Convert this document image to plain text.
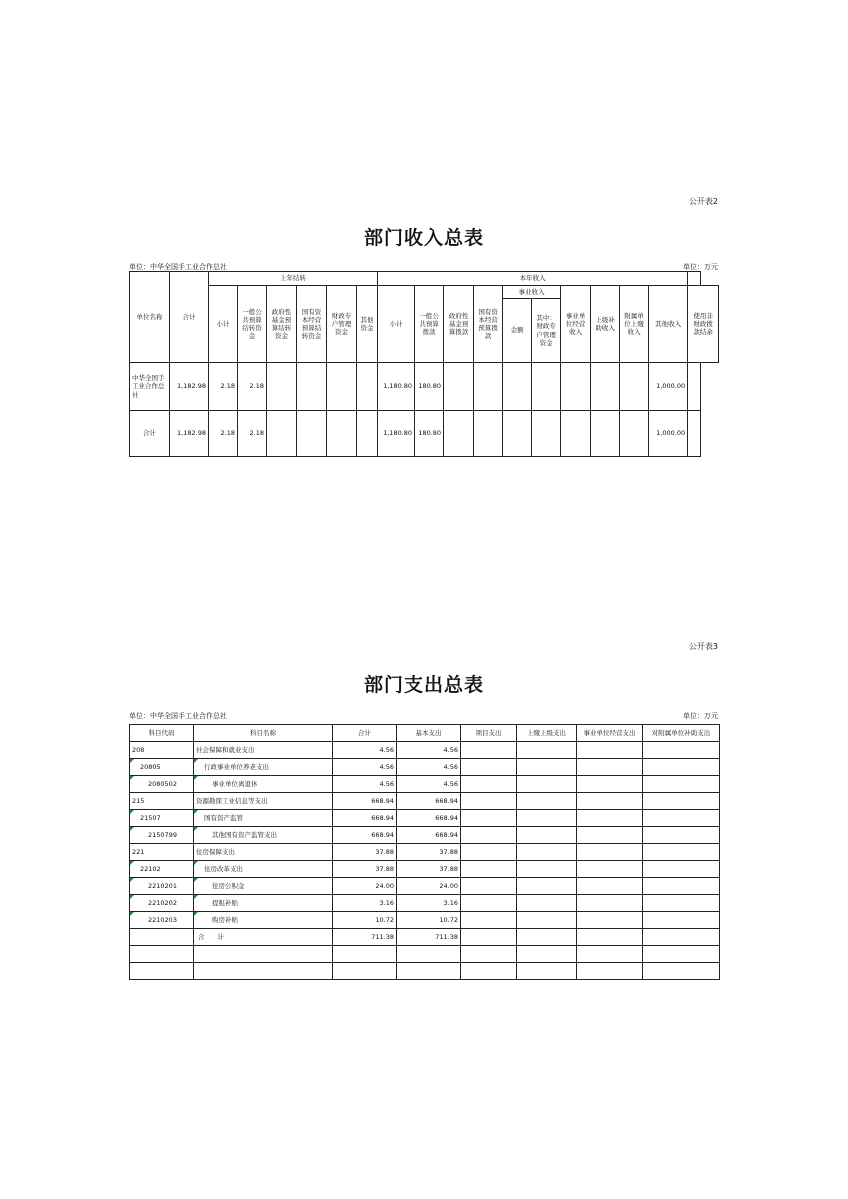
公开表2
部门收入总表
单位：中华全国手工业合作总社	单位：万元
单位名称	合计	上年结转						本年收入										
		小计	一般公共预算结转资金	政府性基金预算结转资金	国有资本经营预算结转资金	财政专户管理资金	其他资金	小计	一般公共预算拨款	政府性基金预算拨款	国有资本经营预算拨款	事业收入		事业单位经营收入	上级补助收入	附属单位上缴收入	其他收入	使用非财政拨款结余
												金额	其中：财政专户管理资金					
中华全国手工业合作总社	1,182.98	2.18	2.18					1,180.80	180.80								1,000.00	
合计	1,182.98	2.18	2.18					1,180.80	180.80								1,000.00	
公开表3
部门支出总表
单位：中华全国手工业合作总社	单位：万元
科目代码	科目名称	合计	基本支出	项目支出	上缴上级支出	事业单位经营支出	对附属单位补助支出
208	社会保障和就业支出	4.56	4.56				
20805	行政事业单位养老支出	4.56	4.56				
2080502	事业单位离退休	4.56	4.56				
215	资源勘探工业信息等支出	668.94	668.94				
21507	国有资产监管	668.94	668.94				
2150799	其他国有资产监管支出	668.94	668.94				
221	住房保障支出	37.88	37.88				
22102	住房改革支出	37.88	37.88				
2210201	住房公积金	24.00	24.00				
2210202	提租补贴	3.16	3.16				
2210203	购房补贴	10.72	10.72				
	合　　计	711.38	711.38				
